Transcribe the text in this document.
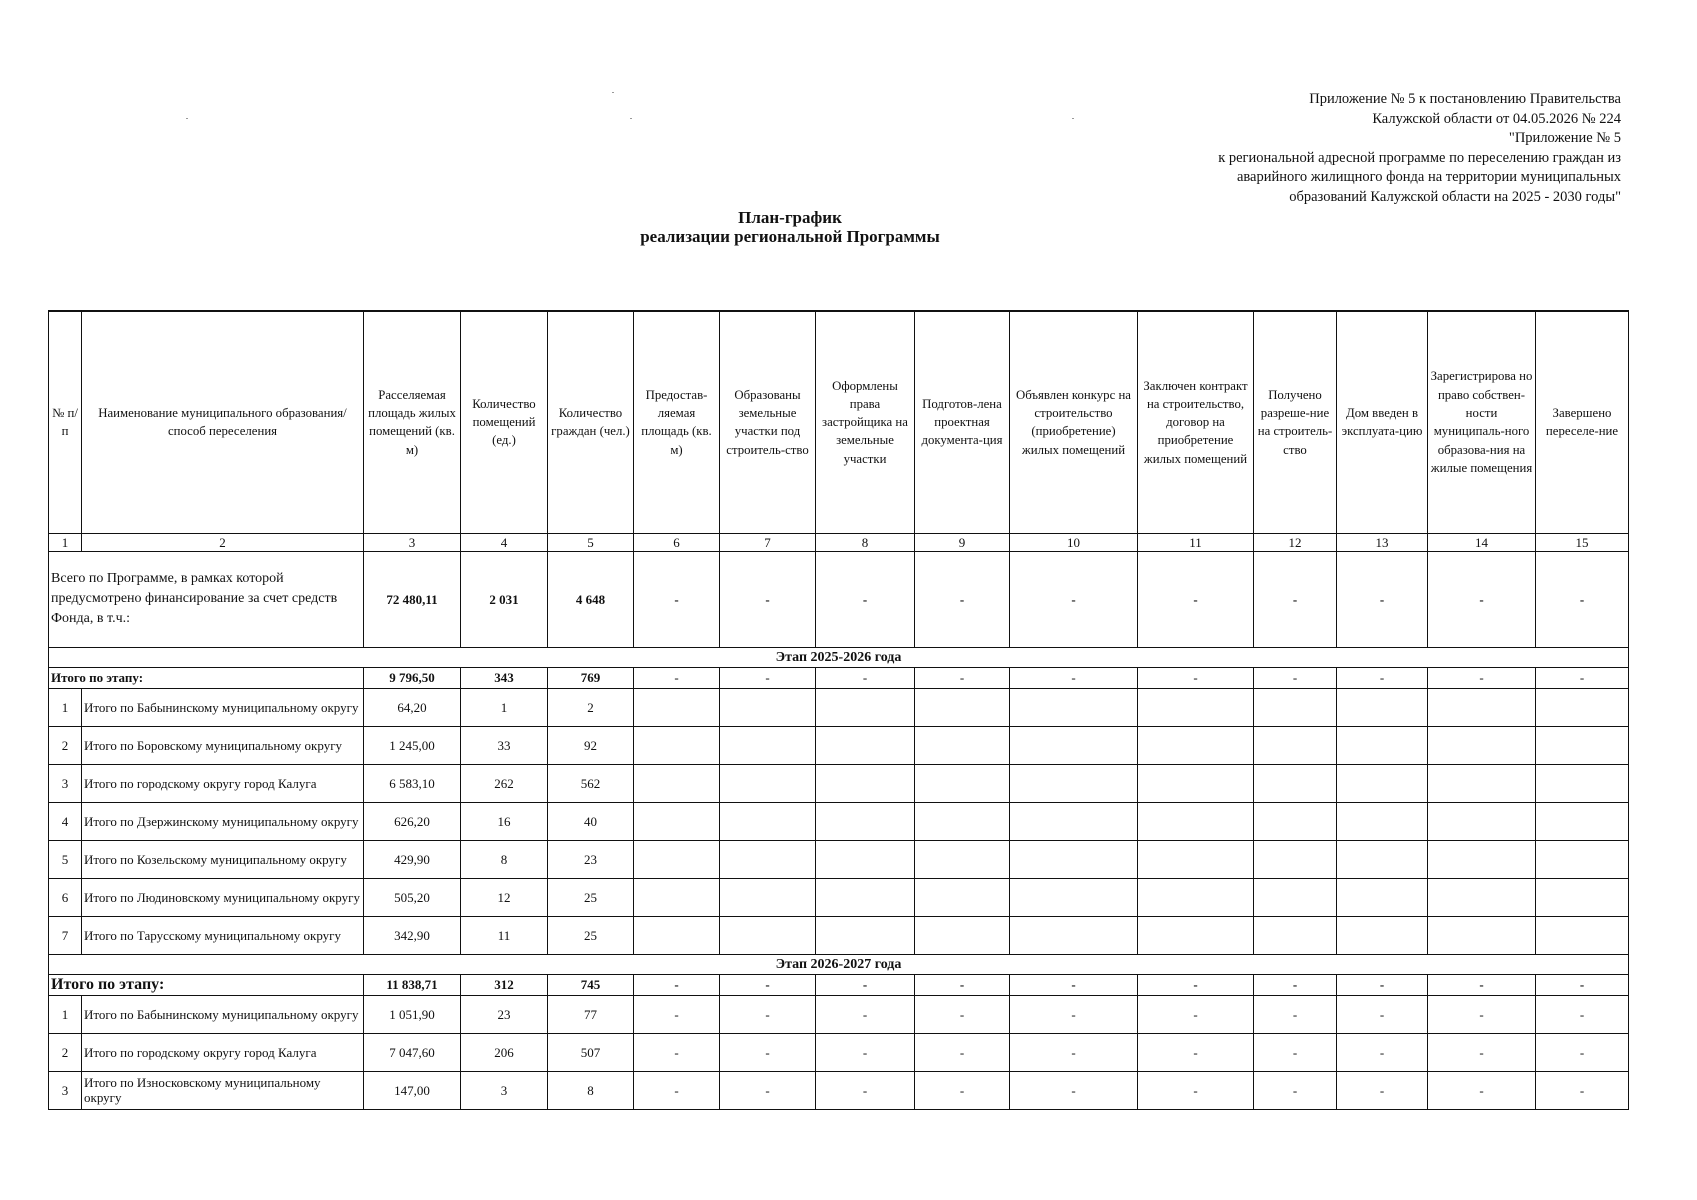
Приложение № 5 к постановлению Правительства
Калужской области от 04.05.2026 № 224
"Приложение № 5
к региональной адресной программе по переселению граждан из
аварийного жилищного фонда на территории муниципальных
образований Калужской области на 2025 - 2030 годы"
План-график
реализации региональной Программы
№ п/п	Наименование муниципального образования/способ переселения	Расселяемая площадь жилых помещений (кв. м)	Количество помещений (ед.)	Количество граждан (чел.)	Предостав-ляемая площадь (кв. м)	Образованы земельные участки под строитель-ство	Оформлены права застройщика на земельные участки	Подготов-лена проектная документа-ция	Объявлен конкурс на строительство (приобретение) жилых помещений	Заключен контракт на строительство, договор на приобретение жилых помещений	Получено разреше-ние на строитель-ство	Дом введен в эксплуата-цию	Зарегистрирова но право собствен-ности муниципаль-ного образова-ния на жилые помещения	Завершено переселе-ние
1	2	3	4	5	6	7	8	9	10	11	12	13	14	15
Всего по Программе, в рамках которой предусмотрено финансирование за счет средств Фонда, в т.ч.:		72 480,11	2 031	4 648	-	-	-	-	-	-	-	-	-	-
Этап 2025-2026 года														
Итого по этапу:		9 796,50	343	769	-	-	-	-	-	-	-	-	-	-
1	Итого по Бабынинскому муниципальному округу	64,20	1	2										
2	Итого по Боровскому муниципальному округу	1 245,00	33	92										
3	Итого по городскому округу город Калуга	6 583,10	262	562										
4	Итого по Дзержинскому муниципальному округу	626,20	16	40										
5	Итого по Козельскому муниципальному округу	429,90	8	23										
6	Итого по Людиновскому муниципальному округу	505,20	12	25										
7	Итого по Тарусскому муниципальному округу	342,90	11	25										
Этап 2026-2027 года														
Итого по этапу:		11 838,71	312	745	-	-	-	-	-	-	-	-	-	-
1	Итого по Бабынинскому муниципальному округу	1 051,90	23	77	-	-	-	-	-	-	-	-	-	-
2	Итого по городскому округу город Калуга	7 047,60	206	507	-	-	-	-	-	-	-	-	-	-
3	Итого по Износковскому муниципальному округу	147,00	3	8	-	-	-	-	-	-	-	-	-	-
